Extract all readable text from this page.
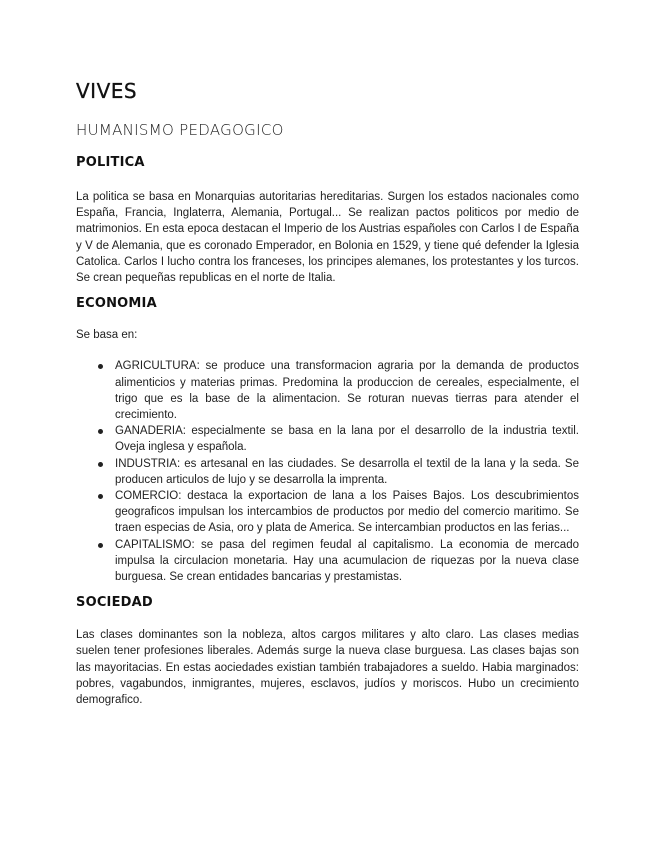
VIVES
HUMANISMO PEDAGOGICO
POLITICA

La politica se basa en Monarquias autoritarias hereditarias. Surgen los estados nacionales como España, Francia, Inglaterra, Alemania, Portugal... Se realizan pactos politicos por medio de matrimonios. En esta epoca destacan el Imperio de los Austrias españoles con Carlos I de España y V de Alemania, que es coronado Emperador, en Bolonia en 1529, y tiene qué defender la Iglesia Catolica. Carlos I lucho contra los franceses, los principes alemanes, los protestantes y los turcos. Se crean pequeñas republicas en el norte de Italia.

ECONOMIA

Se basa en:

AGRICULTURA: se produce una transformacion agraria por la demanda de productos alimenticios y materias primas. Predomina la produccion de cereales, especialmente, el trigo que es la base de la alimentacion. Se roturan nuevas tierras para atender el crecimiento.
GANADERIA: especialmente se basa en la lana por el desarrollo de la industria textil. Oveja inglesa y española.
INDUSTRIA: es artesanal en las ciudades. Se desarrolla el textil de la lana y la seda. Se producen articulos de lujo y se desarrolla la imprenta.
COMERCIO: destaca la exportacion de lana a los Paises Bajos. Los descubrimientos geograficos impulsan los intercambios de productos por medio del comercio maritimo. Se traen especias de Asia, oro y plata de America. Se intercambian productos en las ferias...
CAPITALISMO: se pasa del regimen feudal al capitalismo. La economia de mercado impulsa la circulacion monetaria. Hay una acumulacion de riquezas por la nueva clase burguesa. Se crean entidades bancarias y prestamistas.
SOCIEDAD

Las clases dominantes son la nobleza, altos cargos militares y alto claro. Las clases medias suelen tener profesiones liberales. Además surge la nueva clase burguesa. Las clases bajas son las mayoritacias. En estas aociedades existian también trabajadores a sueldo. Habia marginados: pobres, vagabundos, inmigrantes, mujeres, esclavos, judíos y moriscos. Hubo un crecimiento demografico.
